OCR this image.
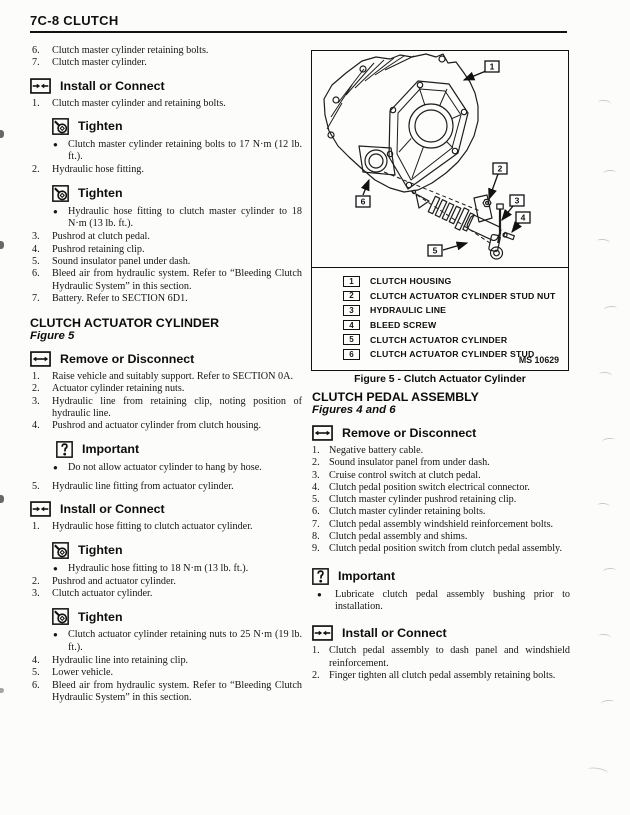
7C-8 CLUTCH
6.	Clutch master cylinder retaining bolts.
7.	Clutch master cylinder.
Install or Connect
1.	Clutch master cylinder and retaining bolts.
Tighten
● Clutch master cylinder retaining bolts to 17 N·m (12 lb. ft.).
2.	Hydraulic hose fitting.
Tighten
● Hydraulic hose fitting to clutch master cylinder to 18 N·m (13 lb. ft.).
3.	Pushrod at clutch pedal.
4.	Pushrod retaining clip.
5.	Sound insulator panel under dash.
6.	Bleed air from hydraulic system. Refer to “Bleeding Clutch Hydraulic System” in this section.
7.	Battery. Refer to SECTION 6D1.
CLUTCH ACTUATOR CYLINDER
Figure 5
Remove or Disconnect
1.	Raise vehicle and suitably support. Refer to SECTION 0A.
2.	Actuator cylinder retaining nuts.
3.	Hydraulic line from retaining clip, noting position of hydraulic line.
4.	Pushrod and actuator cylinder from clutch housing.
Important
● Do not allow actuator cylinder to hang by hose.
5.	Hydraulic line fitting from actuator cylinder.
Install or Connect
1.	Hydraulic hose fitting to clutch actuator cylinder.
Tighten
● Hydraulic hose fitting to 18 N·m (13 lb. ft.).
2.	Pushrod and actuator cylinder.
3.	Clutch actuator cylinder.
Tighten
● Clutch actuator cylinder retaining nuts to 25 N·m (19 lb. ft.).
4.	Hydraulic line into retaining clip.
5.	Lower vehicle.
6.	Bleed air from hydraulic system. Refer to “Bleeding Clutch Hydraulic System” in this section.
1
2
3
4
5
6
1	CLUTCH HOUSING
2	CLUTCH ACTUATOR CYLINDER STUD NUT
3	HYDRAULIC LINE
4	BLEED SCREW
5	CLUTCH ACTUATOR CYLINDER
6	CLUTCH ACTUATOR CYLINDER STUD
MS 10629
Figure 5 - Clutch Actuator Cylinder
CLUTCH PEDAL ASSEMBLY
Figures 4 and 6
Remove or Disconnect
1. Negative battery cable.
2. Sound insulator panel from under dash.
3. Cruise control switch at clutch pedal.
4. Clutch pedal position switch electrical connector.
5. Clutch master cylinder pushrod retaining clip.
6. Clutch master cylinder retaining bolts.
7. Clutch pedal assembly windshield reinforcement bolts.
8. Clutch pedal assembly and shims.
9. Clutch pedal position switch from clutch pedal assembly.
Important
● Lubricate clutch pedal assembly bushing prior to installation.
Install or Connect
1. Clutch pedal assembly to dash panel and windshield reinforcement.
2. Finger tighten all clutch pedal assembly retaining bolts.
